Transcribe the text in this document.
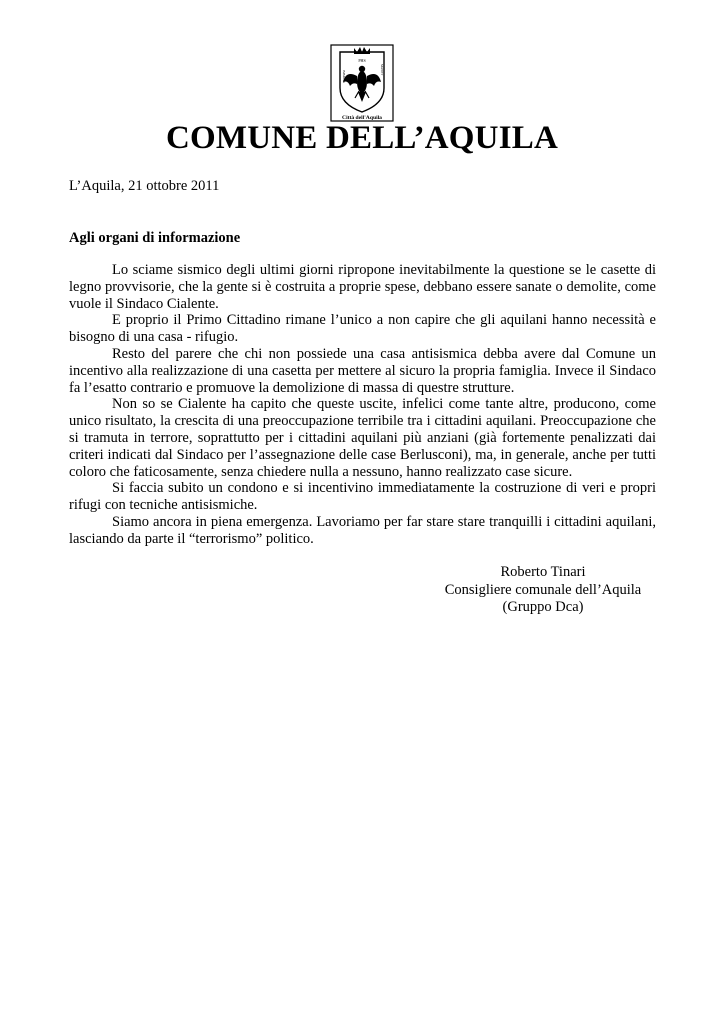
IMMOTA
MANET
PHS
Città dell'Aquila
COMUNE DELL’AQUILA

L’Aquila, 21 ottobre 2011

Agli organi di informazione

Lo sciame sismico degli ultimi giorni ripropone inevitabilmente la questione se le casette di legno provvisorie, che la gente si è costruita a proprie spese, debbano essere sanate o demolite, come vuole il Sindaco Cialente.

E proprio il Primo Cittadino rimane l’unico a non capire che gli aquilani hanno necessità e bisogno di una casa - rifugio.

Resto del parere che chi non possiede una casa antisismica debba avere dal Comune un incentivo alla realizzazione di una casetta per mettere al sicuro la propria famiglia. Invece il Sindaco fa l’esatto contrario e promuove la demolizione di massa di questre strutture.

Non so se Cialente ha capito che queste uscite, infelici come tante altre, producono, come unico risultato, la crescita di una preoccupazione terribile tra i cittadini aquilani. Preoccupazione che si tramuta in terrore, soprattutto per i cittadini aquilani più anziani (già fortemente penalizzati dai criteri indicati dal Sindaco per l’assegnazione delle case Berlusconi), ma, in generale, anche per tutti coloro che faticosamente, senza chiedere nulla a nessuno, hanno realizzato case sicure.

Si faccia subito un condono e si incentivino immediatamente la costruzione di veri e propri rifugi con tecniche antisismiche.

Siamo ancora in piena emergenza. Lavoriamo per far stare stare tranquilli i cittadini aquilani, lasciando da parte il “terrorismo” politico.

Roberto Tinari
Consigliere comunale dell’Aquila
(Gruppo Dca)
